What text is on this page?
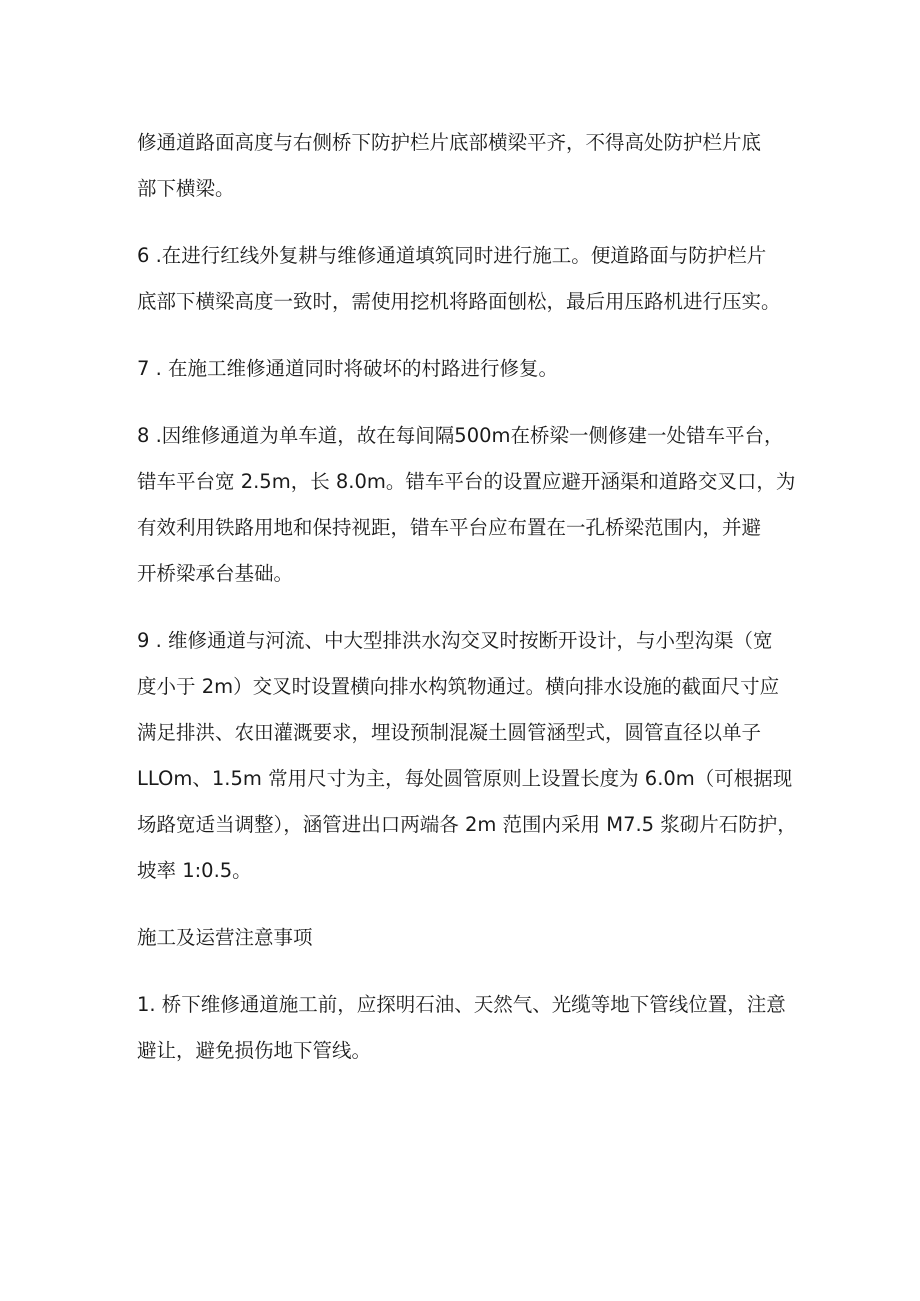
修通道路面高度与右侧桥下防护栏片底部横梁平齐，不得高处防护栏片底
部下横梁。

6 .在进行红线外复耕与维修通道填筑同时进行施工。便道路面与防护栏片
底部下横梁高度一致时，需使用挖机将路面刨松，最后用压路机进行压实。

7 . 在施工维修通道同时将破坏的村路进行修复。

8 .因维修通道为单车道，故在每间隔500m在桥梁一侧修建一处错车平台，
错车平台宽 2.5m，长 8.0m。错车平台的设置应避开涵渠和道路交叉口，为
有效利用铁路用地和保持视距，错车平台应布置在一孔桥梁范围内，并避
开桥梁承台基础。

9 . 维修通道与河流、中大型排洪水沟交叉时按断开设计，与小型沟渠（宽
度小于 2m）交叉时设置横向排水构筑物通过。横向排水设施的截面尺寸应
满足排洪、农田灌溉要求，埋设预制混凝土圆管涵型式，圆管直径以单子
LLOm、1.5m 常用尺寸为主，每处圆管原则上设置长度为 6.0m（可根据现
场路宽适当调整），涵管进出口两端各 2m 范围内采用 M7.5 浆砌片石防护，
坡率 1:0.5。

施工及运营注意事项

1. 桥下维修通道施工前，应探明石油、天然气、光缆等地下管线位置，注意
避让，避免损伤地下管线。
